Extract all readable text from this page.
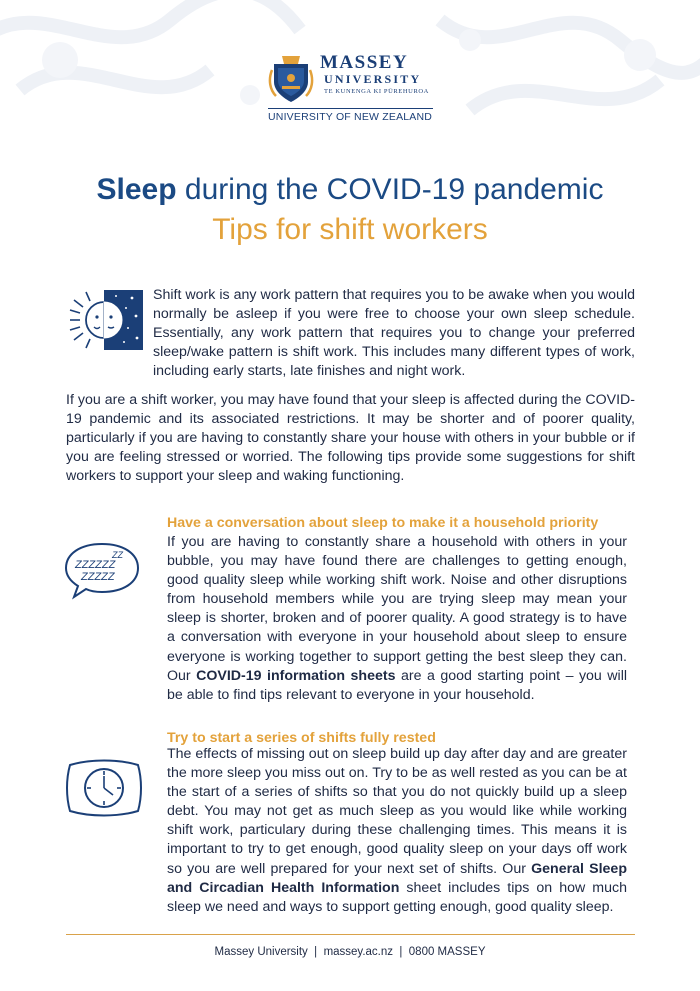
MASSEY
UNIVERSITY
TE KUNENGA KI PŪREHUROA
UNIVERSITY OF NEW ZEALAND
Sleep during the COVID-19 pandemic
Tips for shift workers
Shift work is any work pattern that requires you to be awake when you would normally be asleep if you were free to choose your own sleep schedule. Essentially, any work pattern that requires you to change your preferred sleep/wake pattern is shift work. This includes many different types of work, including early starts, late finishes and night work.
If you are a shift worker, you may have found that your sleep is affected during the COVID-19 pandemic and its associated restrictions. It may be shorter and of poorer quality, particularly if you are having to constantly share your house with others in your bubble or if you are feeling stressed or worried. The following tips provide some suggestions for shift workers to support your sleep and waking functioning.
ZZZZZZ
ZZZZZ
ZZ
Have a conversation about sleep to make it a household priority
If you are having to constantly share a household with others in your bubble, you may have found there are challenges to getting enough, good quality sleep while working shift work. Noise and other disruptions from household members while you are trying sleep may mean your sleep is shorter, broken and of poorer quality. A good strategy is to have a conversation with everyone in your household about sleep to ensure everyone is working together to support getting the best sleep they can. Our COVID-19 information sheets are a good starting point – you will be able to find tips relevant to everyone in your household.
Try to start a series of shifts fully rested
The effects of missing out on sleep build up day after day and are greater the more sleep you miss out on. Try to be as well rested as you can be at the start of a series of shifts so that you do not quickly build up a sleep debt. You may not get as much sleep as you would like while working shift work, particulary during these challenging times. This means it is important to try to get enough, good quality sleep on your days off work so you are well prepared for your next set of shifts. Our General Sleep and Circadian Health Information sheet includes tips on how much sleep we need and ways to support getting enough, good quality sleep.
Massey University  |  massey.ac.nz  |  0800 MASSEY
